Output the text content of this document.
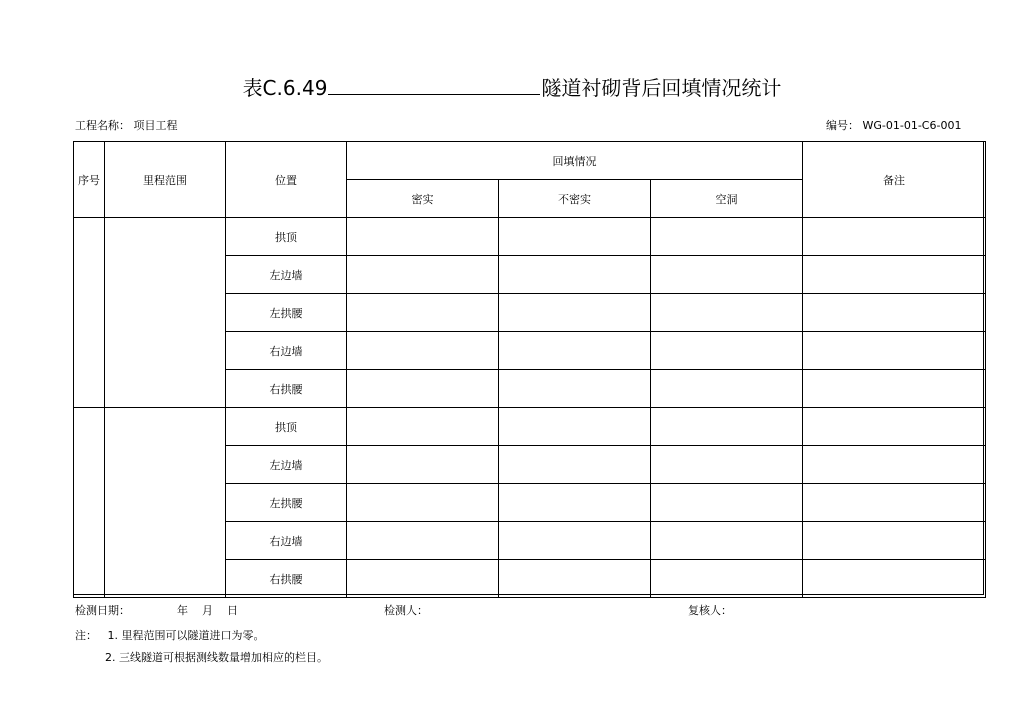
表C.6.49	隧道衬砌背后回填情况统计
工程名称： 项目工程	编号： WG-01-01-C6-001
序号	里程范围	位置	回填情况			备注
			密实	不密实	空洞	
		拱顶				
		左边墙				
		左拱腰				
		右边墙				
		右拱腰				
		拱顶				
		左边墙				
		左拱腰				
		右边墙				
		右拱腰				
检测日期：	年 月 日	检测人：	复核人：
注： 1. 里程范围可以隧道进口为零。
2. 三线隧道可根据测线数量增加相应的栏目。
